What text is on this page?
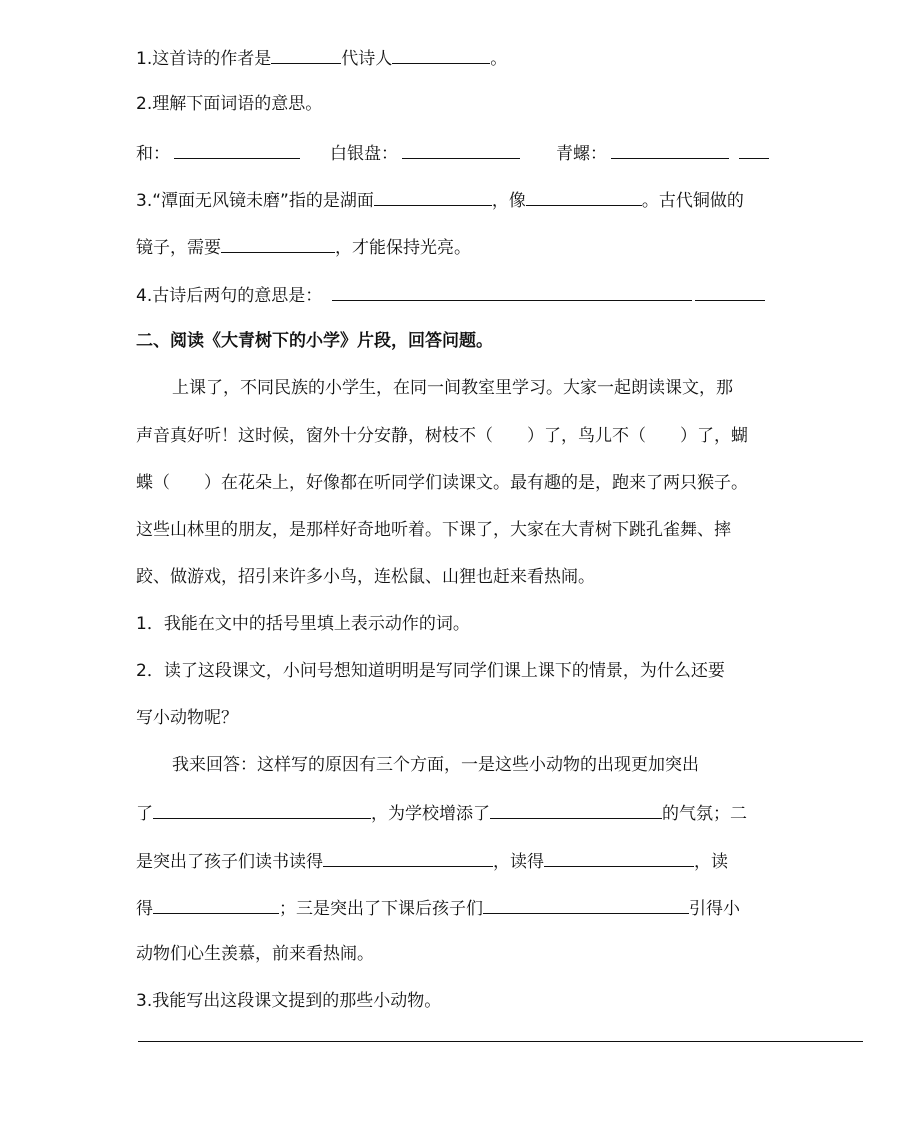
1.这首诗的作者是	代诗人	。
2.理解下面词语的意思。
和：	白银盘：	青螺：
3.“潭面无风镜未磨”指的是湖面	，像	。古代铜做的
镜子，需要	，才能保持光亮。
4.古诗后两句的意思是：
二、阅读《大青树下的小学》片段，回答问题。
上课了，不同民族的小学生，在同一间教室里学习。大家一起朗读课文，那
声音真好听！这时候，窗外十分安静，树枝不（　　）了，鸟儿不（　　）了，蝴
蝶（　　）在花朵上，好像都在听同学们读课文。最有趣的是，跑来了两只猴子。
这些山林里的朋友，是那样好奇地听着。下课了，大家在大青树下跳孔雀舞、摔
跤、做游戏，招引来许多小鸟，连松鼠、山狸也赶来看热闹。
1．我能在文中的括号里填上表示动作的词。
2．读了这段课文，小问号想知道明明是写同学们课上课下的情景，为什么还要
写小动物呢？
我来回答：这样写的原因有三个方面，一是这些小动物的出现更加突出
了	，为学校增添了	的气氛；二
是突出了孩子们读书读得	，读得	，读
得	；三是突出了下课后孩子们	引得小
动物们心生羡慕，前来看热闹。
3.我能写出这段课文提到的那些小动物。
